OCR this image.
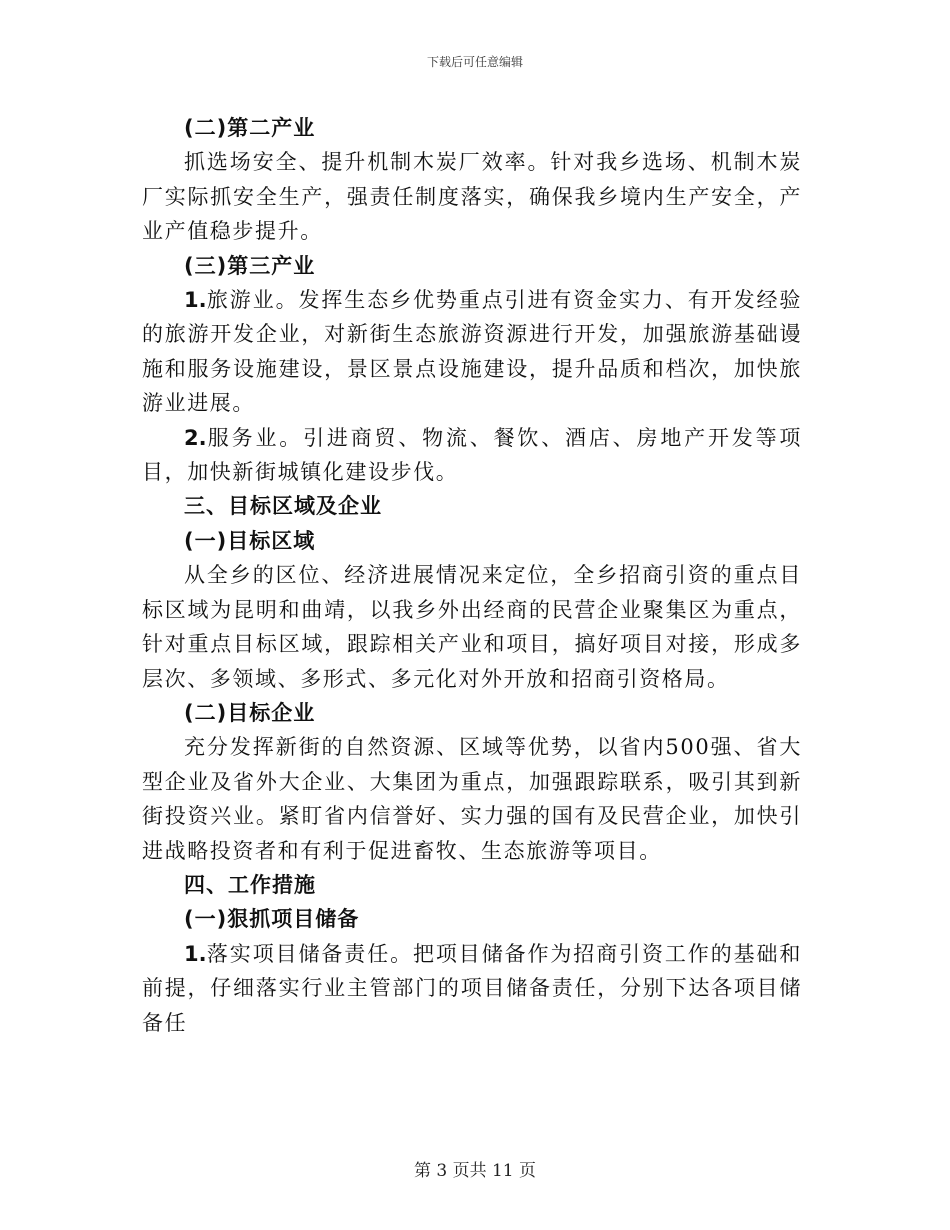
下载后可任意编辑

(二)第二产业

抓选场安全、提升机制木炭厂效率。针对我乡选场、机制木炭厂实际抓安全生产，强责任制度落实，确保我乡境内生产安全，产业产值稳步提升。

(三)第三产业

1.旅游业。发挥生态乡优势重点引进有资金实力、有开发经验的旅游开发企业，对新街生态旅游资源进行开发，加强旅游基础谩施和服务设施建设，景区景点设施建设，提升品质和档次，加快旅游业进展。

2.服务业。引进商贸、物流、餐饮、酒店、房地产开发等项目，加快新街城镇化建设步伐。

三、目标区域及企业

(一)目标区域

从全乡的区位、经济进展情况来定位，全乡招商引资的重点目标区域为昆明和曲靖，以我乡外出经商的民营企业聚集区为重点，针对重点目标区域，跟踪相关产业和项目，搞好项目对接，形成多层次、多领域、多形式、多元化对外开放和招商引资格局。

(二)目标企业

充分发挥新街的自然资源、区域等优势，以省内500强、省大型企业及省外大企业、大集团为重点，加强跟踪联系，吸引其到新街投资兴业。紧盯省内信誉好、实力强的国有及民营企业，加快引进战略投资者和有利于促进畜牧、生态旅游等项目。

四、工作措施

(一)狠抓项目储备

1.落实项目储备责任。把项目储备作为招商引资工作的基础和前提，仔细落实行业主管部门的项目储备责任，分别下达各项目储备任

第 3 页共 11 页
